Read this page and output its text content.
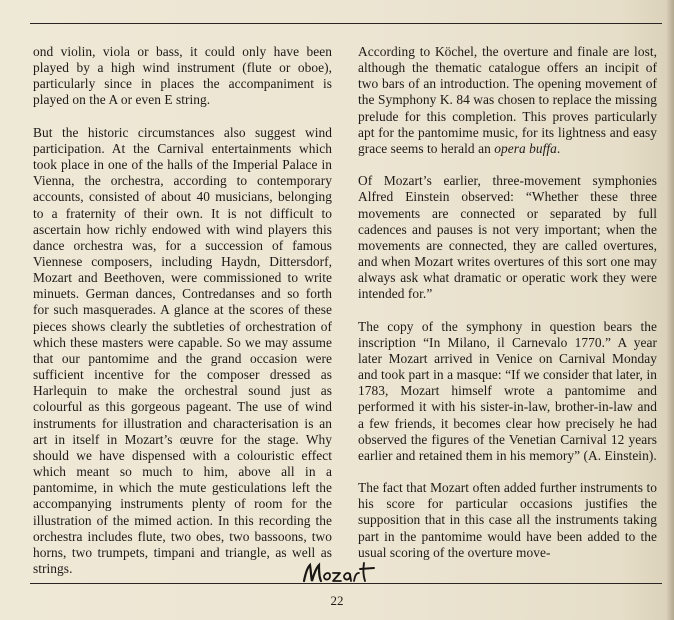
ond violin, viola or bass, it could only have been played by a high wind instrument (flute or oboe), particularly since in places the accompaniment is played on the A or even E string.

But the historic circumstances also suggest wind participation. At the Carnival entertainments which took place in one of the halls of the Imperial Palace in Vienna, the orchestra, according to contemporary accounts, consisted of about 40 musicians, belonging to a fraternity of their own. It is not difficult to ascertain how richly endowed with wind players this dance orchestra was, for a succession of famous Viennese composers, including Haydn, Dittersdorf, Mozart and Beethoven, were commissioned to write minuets. German dances, Contredanses and so forth for such masquerades. A glance at the scores of these pieces shows clearly the subtleties of orchestration of which these masters were capable. So we may assume that our pantomime and the grand occasion were sufficient incentive for the composer dressed as Harlequin to make the orchestral sound just as colourful as this gorgeous pageant. The use of wind instruments for illustration and characterisation is an art in itself in Mozart’s œuvre for the stage. Why should we have dispensed with a colouristic effect which meant so much to him, above all in a pantomime, in which the mute gesticulations left the accompanying instruments plenty of room for the illustration of the mimed action. In this recording the orchestra includes flute, two obes, two bassoons, two horns, two trumpets, timpani and triangle, as well as strings.

According to Köchel, the overture and finale are lost, although the thematic catalogue offers an incipit of two bars of an introduction. The opening movement of the Symphony K. 84 was chosen to replace the missing prelude for this completion. This proves particularly apt for the pantomime music, for its lightness and easy grace seems to herald an opera buffa.

Of Mozart’s earlier, three-movement symphonies Alfred Einstein observed: “Whether these three movements are connected or separated by full cadences and pauses is not very important; when the movements are connected, they are called overtures, and when Mozart writes overtures of this sort one may always ask what dramatic or operatic work they were intended for.”

The copy of the symphony in question bears the inscription “In Milano, il Carnevalo 1770.” A year later Mozart arrived in Venice on Carnival Monday and took part in a masque: “If we consider that later, in 1783, Mozart himself wrote a pantomime and performed it with his sister-in-law, brother-in-law and a few friends, it becomes clear how precisely he had observed the figures of the Venetian Carnival 12 years earlier and retained them in his memory” (A. Einstein).

The fact that Mozart often added further instruments to his score for particular occasions justifies the supposition that in this case all the instruments taking part in the pantomime would have been added to the usual scoring of the overture move-

22
